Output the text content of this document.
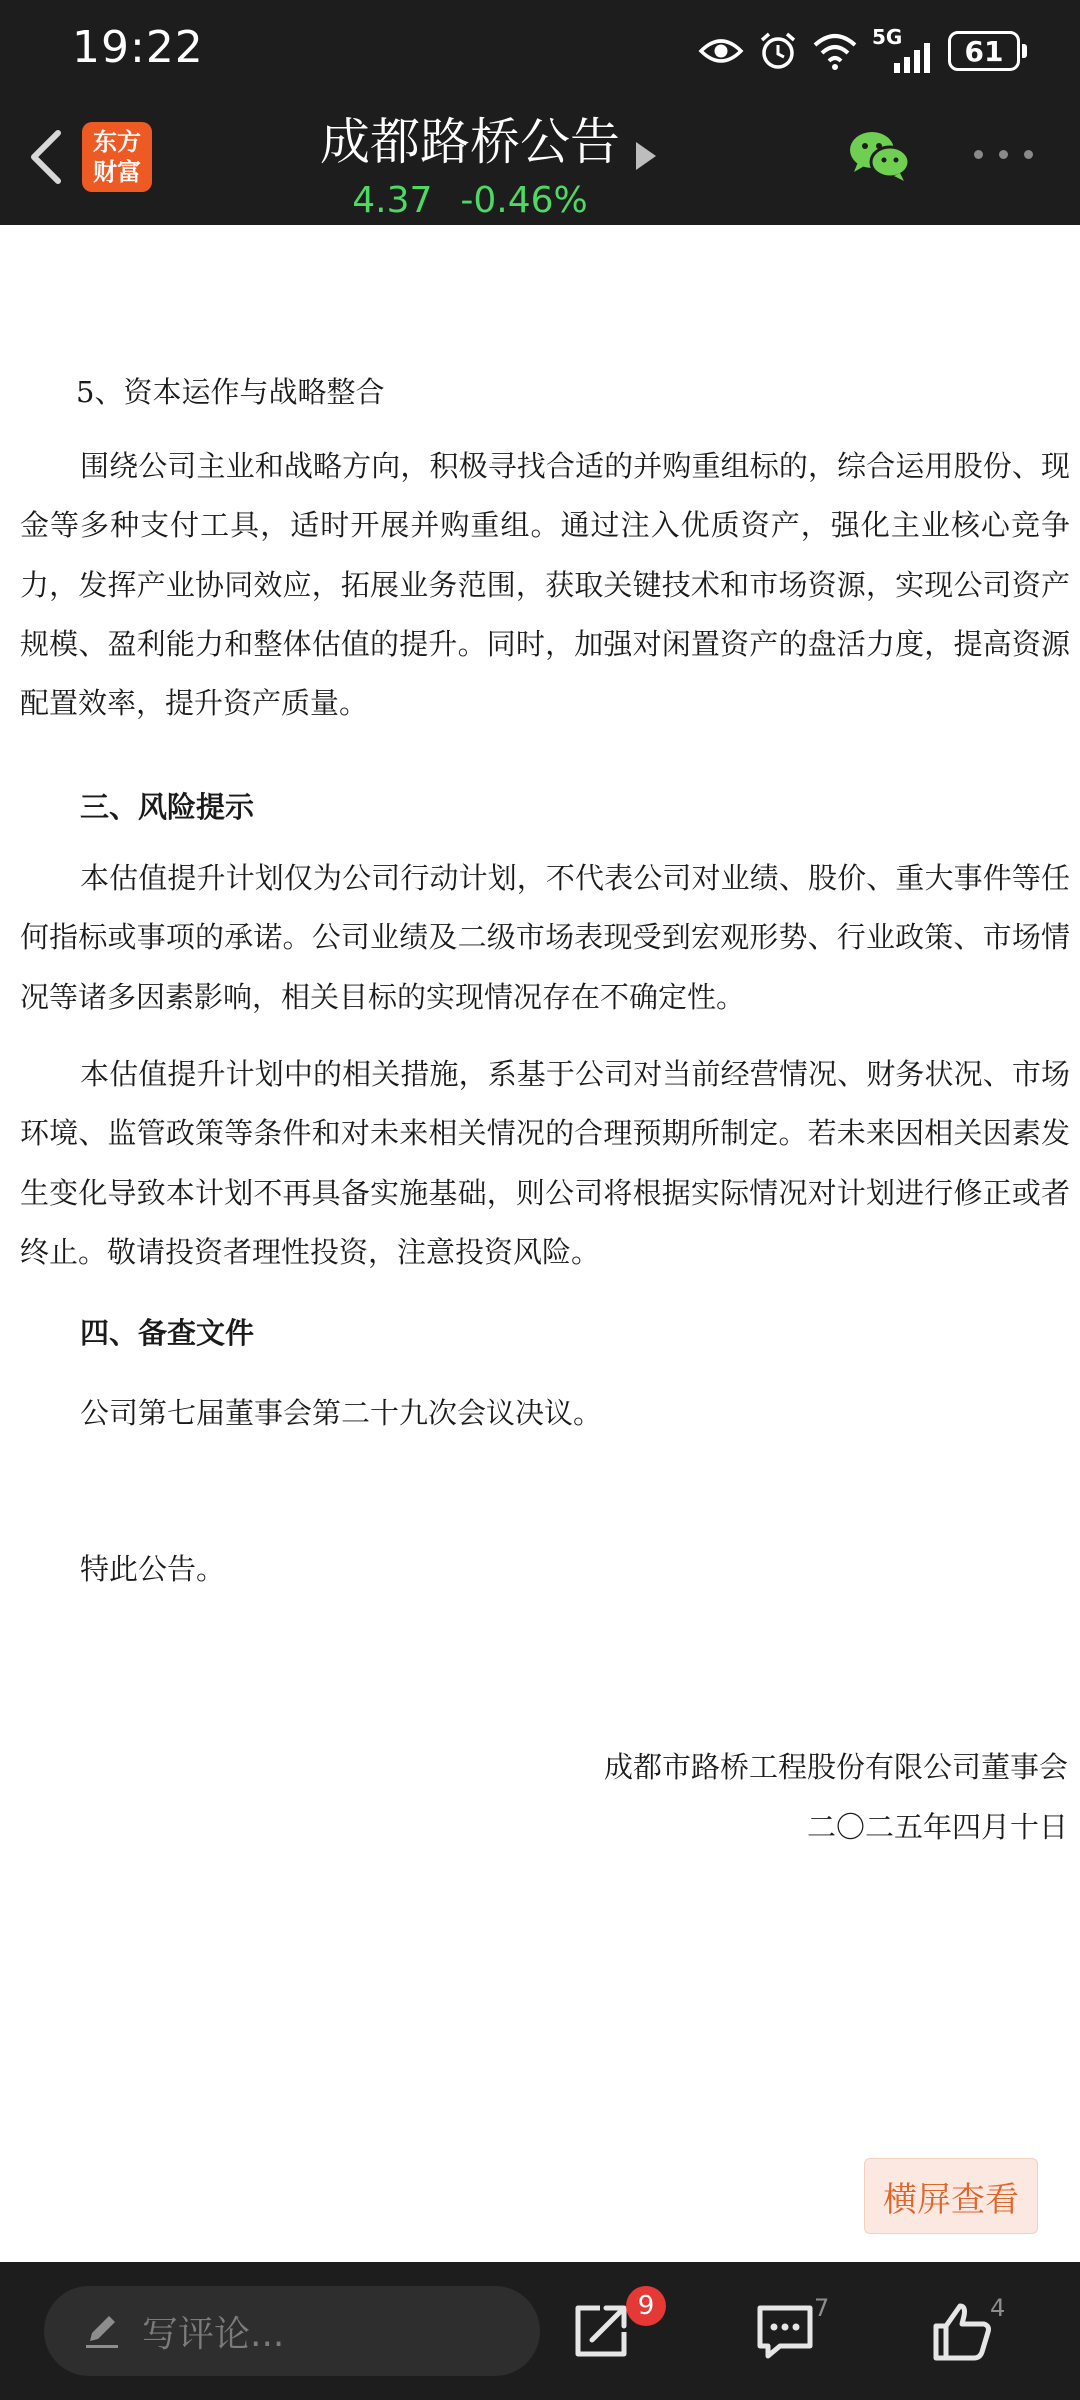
19:22	5G 61
东方
财富
成都路桥公告
4.37 -0.46%

5、资本运作与战略整合

围绕公司主业和战略方向，积极寻找合适的并购重组标的，综合运用股份、现金等多种支付工具，适时开展并购重组。通过注入优质资产，强化主业核心竞争力，发挥产业协同效应，拓展业务范围，获取关键技术和市场资源，实现公司资产规模、盈利能力和整体估值的提升。同时，加强对闲置资产的盘活力度，提高资源配置效率，提升资产质量。

三、风险提示

本估值提升计划仅为公司行动计划，不代表公司对业绩、股价、重大事件等任何指标或事项的承诺。公司业绩及二级市场表现受到宏观形势、行业政策、市场情况等诸多因素影响，相关目标的实现情况存在不确定性。

本估值提升计划中的相关措施，系基于公司对当前经营情况、财务状况、市场环境、监管政策等条件和对未来相关情况的合理预期所制定。若未来因相关因素发生变化导致本计划不再具备实施基础，则公司将根据实际情况对计划进行修正或者终止。敬请投资者理性投资，注意投资风险。

四、备查文件

公司第七届董事会第二十九次会议决议。

特此公告。

成都市路桥工程股份有限公司董事会

二〇二五年四月十日

横屏查看
写评论...
9	7	4
